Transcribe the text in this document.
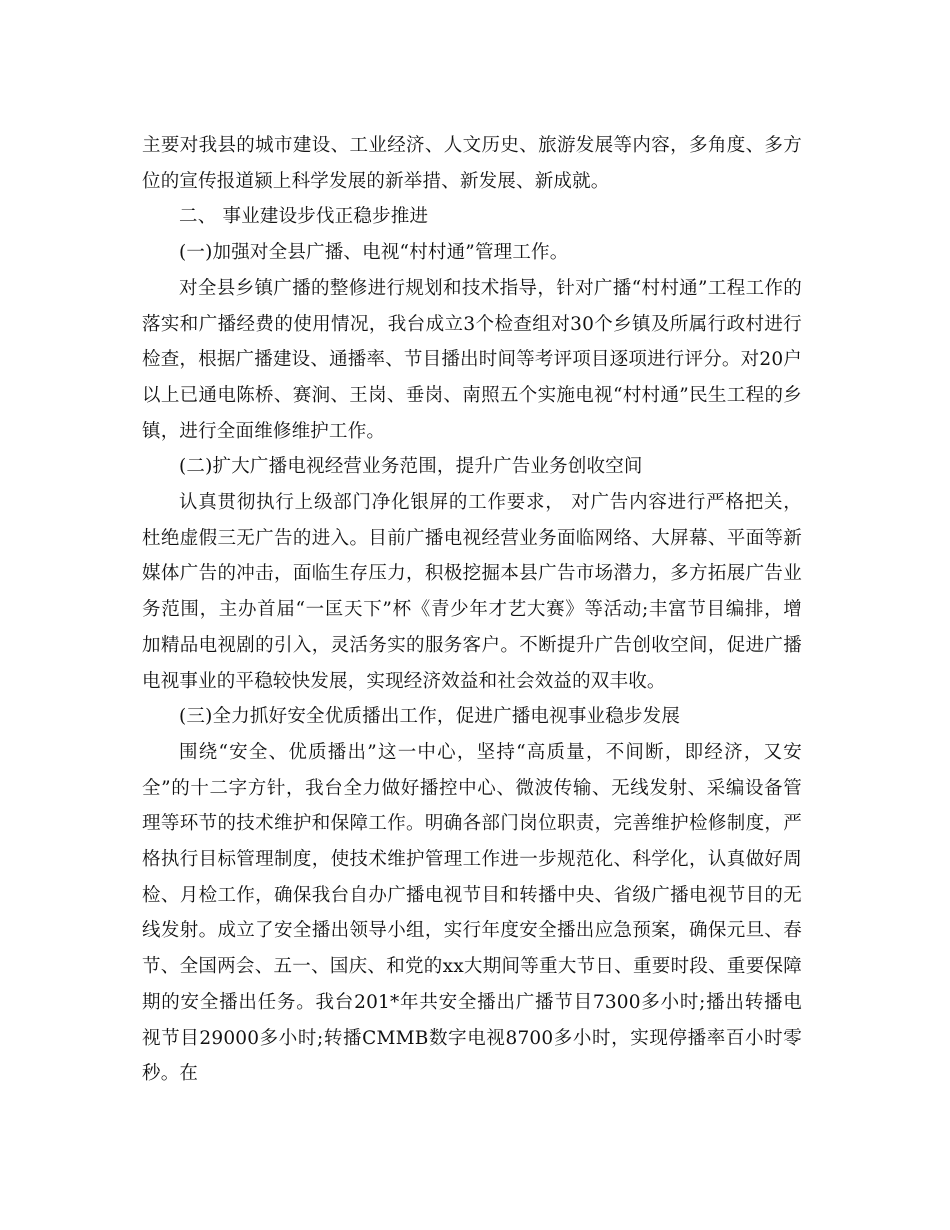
主要对我县的城市建设、工业经济、人文历史、旅游发展等内容，多角度、多方位的宣传报道颍上科学发展的新举措、新发展、新成就。

二、 事业建设步伐正稳步推进

(一)加强对全县广播、电视“村村通”管理工作。

对全县乡镇广播的整修进行规划和技术指导，针对广播“村村通”工程工作的落实和广播经费的使用情况，我台成立3个检查组对30个乡镇及所属行政村进行检查，根据广播建设、通播率、节目播出时间等考评项目逐项进行评分。对20户以上已通电陈桥、赛涧、王岗、垂岗、南照五个实施电视“村村通”民生工程的乡镇，进行全面维修维护工作。

(二)扩大广播电视经营业务范围，提升广告业务创收空间

认真贯彻执行上级部门净化银屏的工作要求， 对广告内容进行严格把关，杜绝虚假三无广告的进入。目前广播电视经营业务面临网络、大屏幕、平面等新媒体广告的冲击，面临生存压力，积极挖掘本县广告市场潜力，多方拓展广告业务范围，主办首届“一匡天下”杯《青少年才艺大赛》等活动;丰富节目编排，增加精品电视剧的引入，灵活务实的服务客户。不断提升广告创收空间，促进广播电视事业的平稳较快发展，实现经济效益和社会效益的双丰收。

(三)全力抓好安全优质播出工作，促进广播电视事业稳步发展

围绕“安全、优质播出”这一中心，坚持“高质量，不间断，即经济，又安全”的十二字方针，我台全力做好播控中心、微波传输、无线发射、采编设备管理等环节的技术维护和保障工作。明确各部门岗位职责，完善维护检修制度，严格执行目标管理制度，使技术维护管理工作进一步规范化、科学化，认真做好周检、月检工作，确保我台自办广播电视节目和转播中央、省级广播电视节目的无线发射。成立了安全播出领导小组，实行年度安全播出应急预案，确保元旦、春节、全国两会、五一、国庆、和党的xx大期间等重大节日、重要时段、重要保障期的安全播出任务。我台201*年共安全播出广播节目7300多小时;播出转播电视节目29000多小时;转播CMMB数字电视8700多小时，实现停播率百小时零秒。在
